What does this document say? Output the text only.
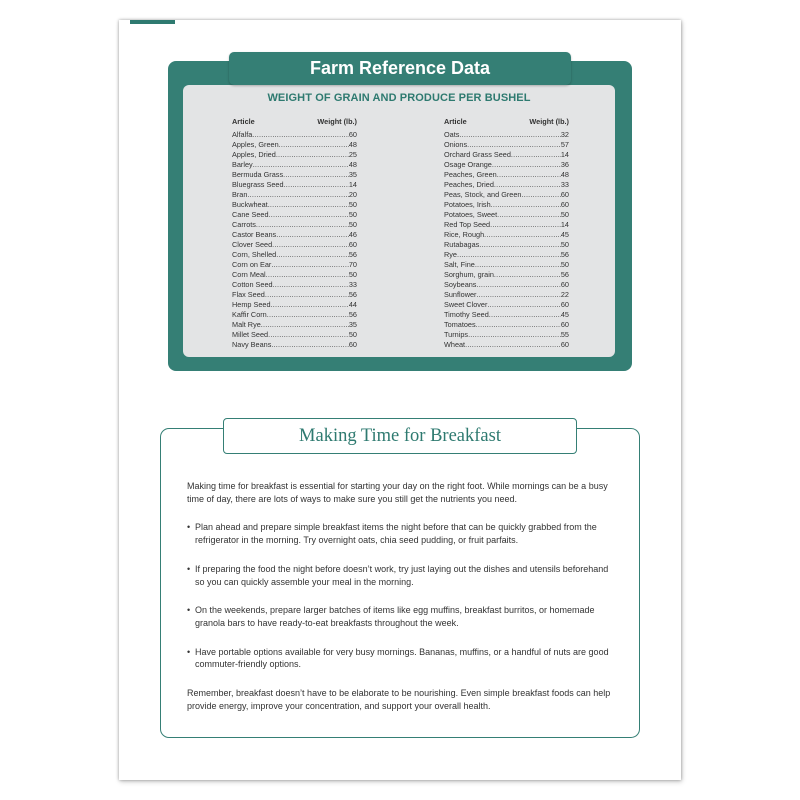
WEIGHT OF GRAIN AND PRODUCE PER BUSHEL
Article	Weight (lb.)
Alfalfa .....	60
Apples, Green .....	48
Apples, Dried .....	25
Barley .....	48
Bermuda Grass .....	35
Bluegrass Seed .....	14
Bran .....	20
Buckwheat .....	50
Cane Seed .....	50
Carrots .....	50
Castor Beans .....	46
Clover Seed .....	60
Corn, Shelled .....	56
Corn on Ear .....	70
Corn Meal .....	50
Cotton Seed .....	33
Flax Seed .....	56
Hemp Seed .....	44
Kaffir Corn .....	56
Malt Rye .....	35
Millet Seed .....	50
Navy Beans .....	60
Article	Weight (lb.)
Oats .....	32
Onions .....	57
Orchard Grass Seed .....	14
Osage Orange .....	36
Peaches, Green .....	48
Peaches, Dried .....	33
Peas, Stock, and Green .....	60
Potatoes, Irish .....	60
Potatoes, Sweet .....	50
Red Top Seed .....	14
Rice, Rough .....	45
Rutabagas .....	50
Rye .....	56
Salt, Fine .....	50
Sorghum, grain .....	56
Soybeans .....	60
Sunflower .....	22
Sweet Clover .....	60
Timothy Seed .....	45
Tomatoes .....	60
Turnips .....	55
Wheat .....	60
Farm Reference Data
Making Time for Breakfast

Making time for breakfast is essential for starting your day on the right foot. While mornings can be a busy time of day, there are lots of ways to make sure you still get the nutrients you need.

• Plan ahead and prepare simple breakfast items the night before that can be quickly grabbed from the refrigerator in the morning. Try overnight oats, chia seed pudding, or fruit parfaits.
• If preparing the food the night before doesn’t work, try just laying out the dishes and utensils beforehand so you can quickly assemble your meal in the morning.
• On the weekends, prepare larger batches of items like egg muffins, breakfast burritos, or homemade granola bars to have ready-to-eat breakfasts throughout the week.
• Have portable options available for very busy mornings. Bananas, muffins, or a handful of nuts are good commuter-friendly options.

Remember, breakfast doesn’t have to be elaborate to be nourishing. Even simple breakfast foods can help provide energy, improve your concentration, and support your overall health.
